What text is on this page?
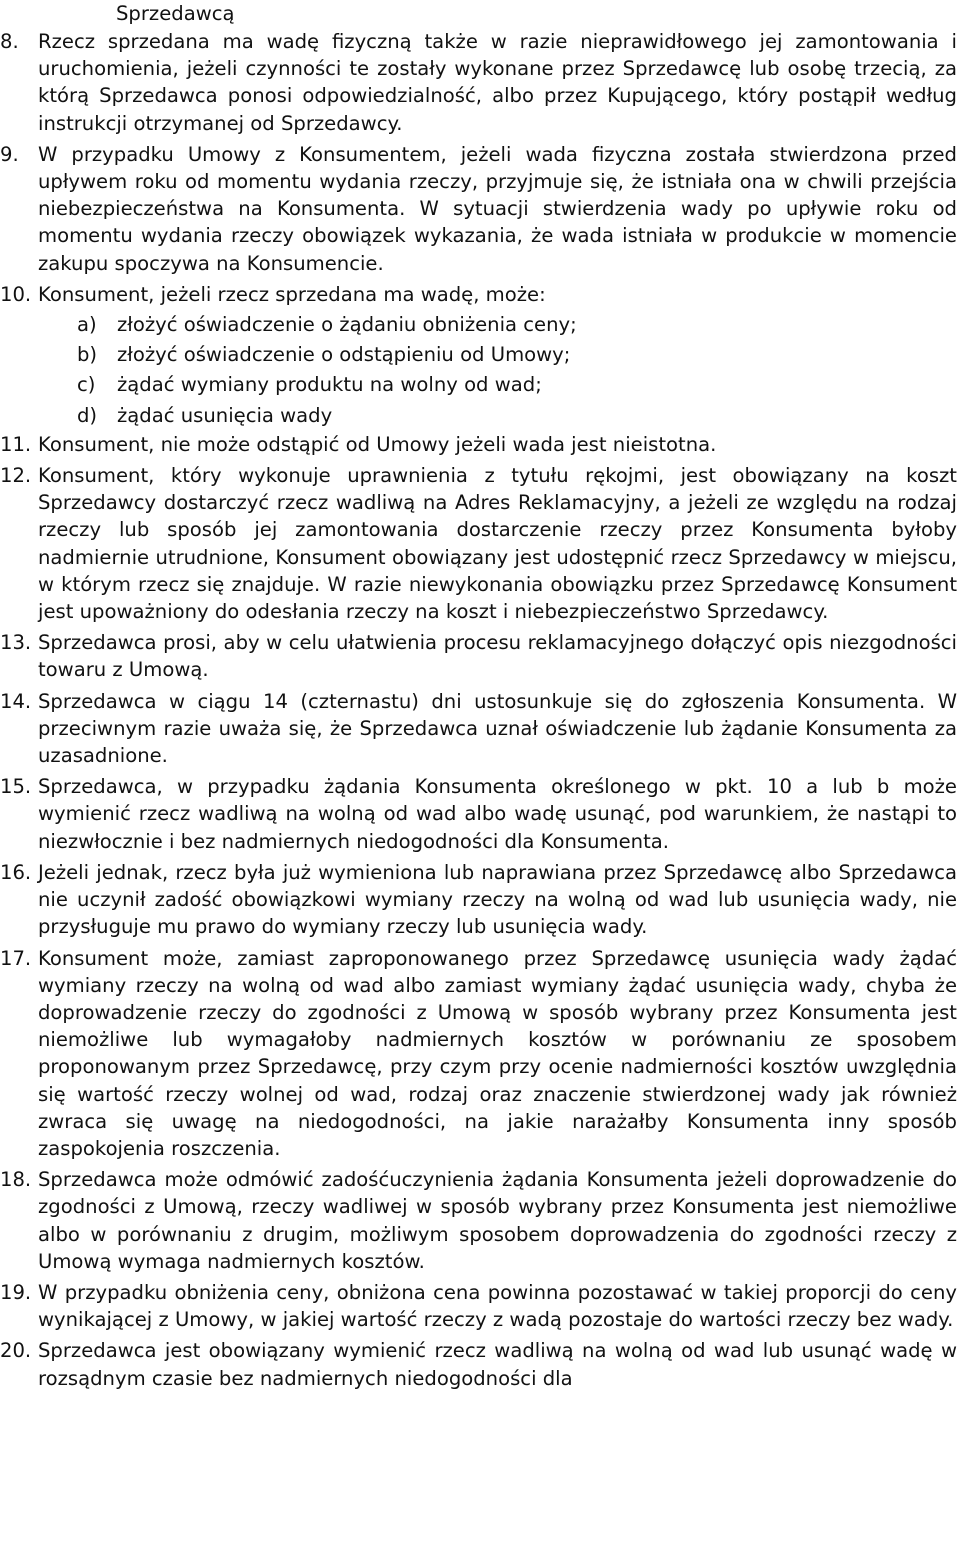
Sprzedawcą
8. Rzecz sprzedana ma wadę fizyczną także w razie nieprawidłowego jej zamontowania i uruchomienia, jeżeli czynności te zostały wykonane przez Sprzedawcę lub osobę trzecią, za którą Sprzedawca ponosi odpowiedzialność, albo przez Kupującego, który postąpił według instrukcji otrzymanej od Sprzedawcy.
9. W przypadku Umowy z Konsumentem, jeżeli wada fizyczna została stwierdzona przed upływem roku od momentu wydania rzeczy, przyjmuje się, że istniała ona w chwili przejścia niebezpieczeństwa na Konsumenta. W sytuacji stwierdzenia wady po upływie roku od momentu wydania rzeczy obowiązek wykazania, że wada istniała w produkcie w momencie zakupu spoczywa na Konsumencie.
10. Konsument, jeżeli rzecz sprzedana ma wadę, może:
a)	złożyć oświadczenie o żądaniu obniżenia ceny;
b)	złożyć oświadczenie o odstąpieniu od Umowy;
c)	żądać wymiany produktu na wolny od wad;
d)	żądać usunięcia wady
11. Konsument, nie może odstąpić od Umowy jeżeli wada jest nieistotna.
12. Konsument, który wykonuje uprawnienia z tytułu rękojmi, jest obowiązany na koszt Sprzedawcy dostarczyć rzecz wadliwą na Adres Reklamacyjny, a jeżeli ze względu na rodzaj rzeczy lub sposób jej zamontowania dostarczenie rzeczy przez Konsumenta byłoby nadmiernie utrudnione, Konsument obowiązany jest udostępnić rzecz Sprzedawcy w miejscu, w którym rzecz się znajduje. W razie niewykonania obowiązku przez Sprzedawcę Konsument jest upoważniony do odesłania rzeczy na koszt i niebezpieczeństwo Sprzedawcy.
13. Sprzedawca prosi, aby w celu ułatwienia procesu reklamacyjnego dołączyć opis niezgodności towaru z Umową.
14. Sprzedawca w ciągu 14 (czternastu) dni ustosunkuje się do zgłoszenia Konsumenta. W przeciwnym razie uważa się, że Sprzedawca uznał oświadczenie lub żądanie Konsumenta za uzasadnione.
15. Sprzedawca, w przypadku żądania Konsumenta określonego w pkt. 10 a lub b może wymienić rzecz wadliwą na wolną od wad albo wadę usunąć, pod warunkiem, że nastąpi to niezwłocznie i bez nadmiernych niedogodności dla Konsumenta.
16. Jeżeli jednak, rzecz była już wymieniona lub naprawiana przez Sprzedawcę albo Sprzedawca nie uczynił zadość obowiązkowi wymiany rzeczy na wolną od wad lub usunięcia wady, nie przysługuje mu prawo do wymiany rzeczy lub usunięcia wady.
17. Konsument może, zamiast zaproponowanego przez Sprzedawcę usunięcia wady żądać wymiany rzeczy na wolną od wad albo zamiast wymiany żądać usunięcia wady, chyba że doprowadzenie rzeczy do zgodności z Umową w sposób wybrany przez Konsumenta jest niemożliwe lub wymagałoby nadmiernych kosztów w porównaniu ze sposobem proponowanym przez Sprzedawcę, przy czym przy ocenie nadmierności kosztów uwzględnia się wartość rzeczy wolnej od wad, rodzaj oraz znaczenie stwierdzonej wady jak również zwraca się uwagę na niedogodności, na jakie narażałby Konsumenta inny sposób zaspokojenia roszczenia.
18. Sprzedawca może odmówić zadośćuczynienia żądania Konsumenta jeżeli doprowadzenie do zgodności z Umową, rzeczy wadliwej w sposób wybrany przez Konsumenta jest niemożliwe albo w porównaniu z drugim, możliwym sposobem doprowadzenia do zgodności rzeczy z Umową wymaga nadmiernych kosztów.
19. W przypadku obniżenia ceny, obniżona cena powinna pozostawać w takiej proporcji do ceny wynikającej z Umowy, w jakiej wartość rzeczy z wadą pozostaje do wartości rzeczy bez wady.
20. Sprzedawca jest obowiązany wymienić rzecz wadliwą na wolną od wad lub usunąć wadę w rozsądnym czasie bez nadmiernych niedogodności dla
